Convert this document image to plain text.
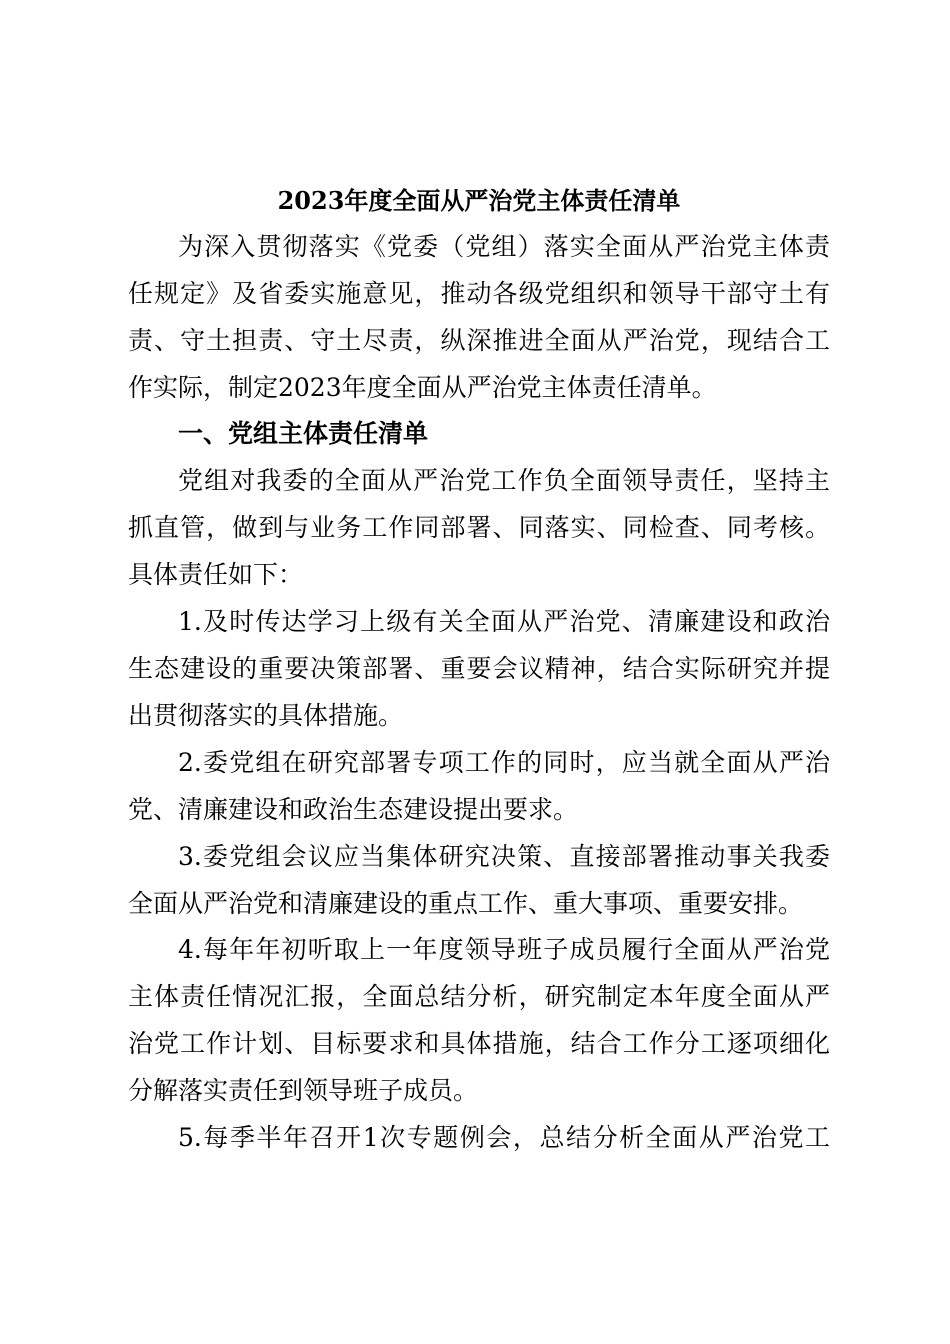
2023年度全面从严治党主体责任清单
为深入贯彻落实《党委（党组）落实全面从严治党主体责
任规定》及省委实施意见，推动各级党组织和领导干部守土有
责、守土担责、守土尽责，纵深推进全面从严治党，现结合工
作实际，制定2023年度全面从严治党主体责任清单。
一、党组主体责任清单
党组对我委的全面从严治党工作负全面领导责任，坚持主
抓直管，做到与业务工作同部署、同落实、同检查、同考核。
具体责任如下：
1.及时传达学习上级有关全面从严治党、清廉建设和政治
生态建设的重要决策部署、重要会议精神，结合实际研究并提
出贯彻落实的具体措施。
2.委党组在研究部署专项工作的同时，应当就全面从严治
党、清廉建设和政治生态建设提出要求。
3.委党组会议应当集体研究决策、直接部署推动事关我委
全面从严治党和清廉建设的重点工作、重大事项、重要安排。
4.每年年初听取上一年度领导班子成员履行全面从严治党
主体责任情况汇报，全面总结分析，研究制定本年度全面从严
治党工作计划、目标要求和具体措施，结合工作分工逐项细化
分解落实责任到领导班子成员。
5.每季半年召开1次专题例会，总结分析全面从严治党工
